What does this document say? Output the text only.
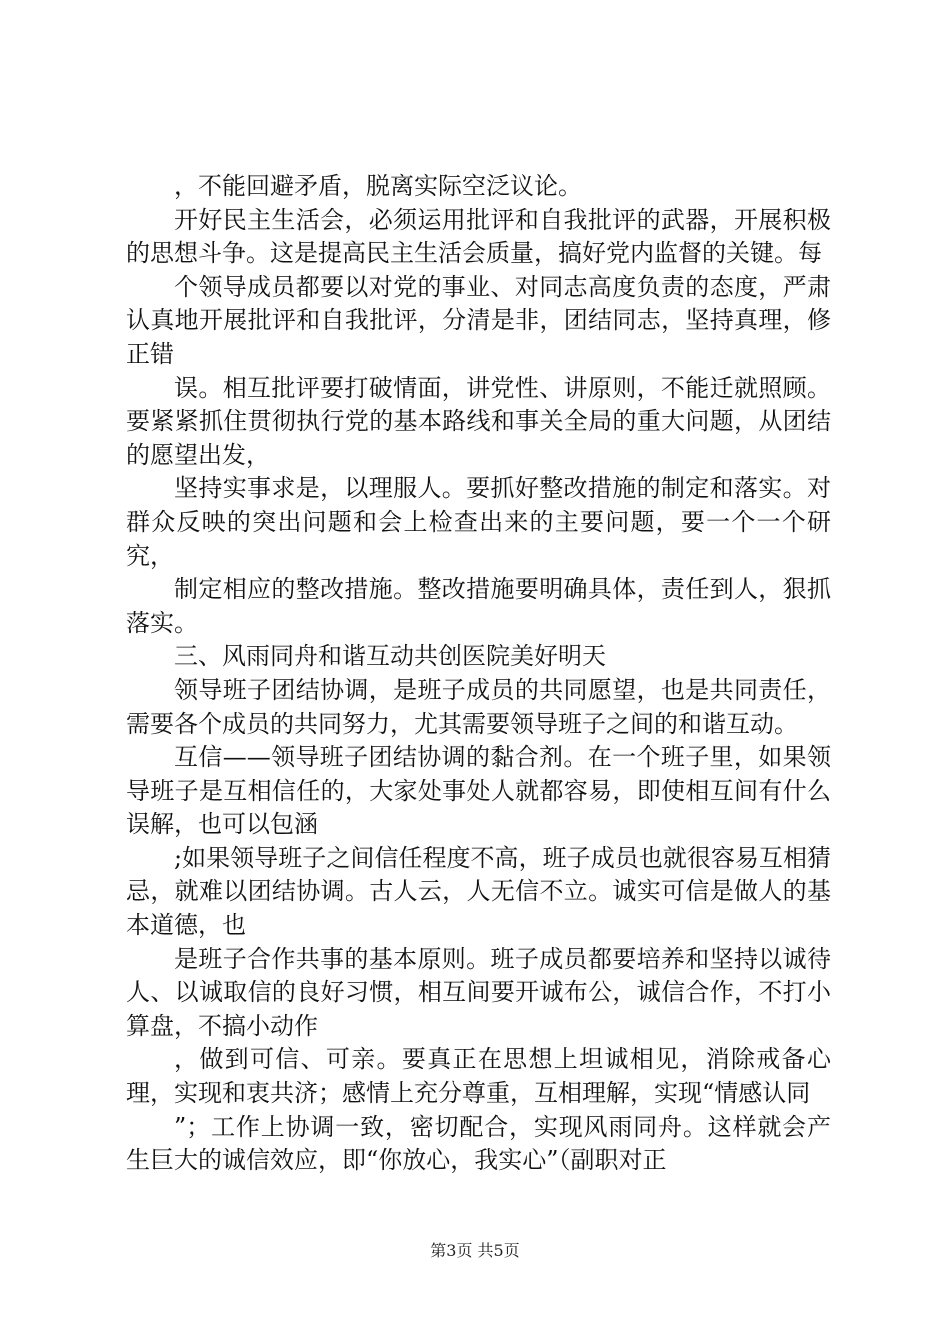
，不能回避矛盾，脱离实际空泛议论。

开好民主生活会，必须运用批评和自我批评的武器，开展积极的思想斗争。这是提高民主生活会质量，搞好党内监督的关键。每

个领导成员都要以对党的事业、对同志高度负责的态度，严肃认真地开展批评和自我批评，分清是非，团结同志，坚持真理，修正错

误。相互批评要打破情面，讲党性、讲原则，不能迁就照顾。要紧紧抓住贯彻执行党的基本路线和事关全局的重大问题，从团结的愿望出发，

坚持实事求是，以理服人。要抓好整改措施的制定和落实。对群众反映的突出问题和会上检查出来的主要问题，要一个一个研究，

制定相应的整改措施。整改措施要明确具体，责任到人，狠抓落实。

三、风雨同舟和谐互动共创医院美好明天

领导班子团结协调，是班子成员的共同愿望，也是共同责任，需要各个成员的共同努力，尤其需要领导班子之间的和谐互动。

互信——领导班子团结协调的黏合剂。在一个班子里，如果领导班子是互相信任的，大家处事处人就都容易，即使相互间有什么误解，也可以包涵

;如果领导班子之间信任程度不高，班子成员也就很容易互相猜忌，就难以团结协调。古人云，人无信不立。诚实可信是做人的基本道德，也

是班子合作共事的基本原则。班子成员都要培养和坚持以诚待人、以诚取信的良好习惯，相互间要开诚布公，诚信合作，不打小算盘，不搞小动作

，做到可信、可亲。要真正在思想上坦诚相见，消除戒备心理，实现和衷共济；感情上充分尊重，互相理解，实现“情感认同

”；工作上协调一致，密切配合，实现风雨同舟。这样就会产生巨大的诚信效应，即“你放心，我实心”（副职对正

第3页 共5页
